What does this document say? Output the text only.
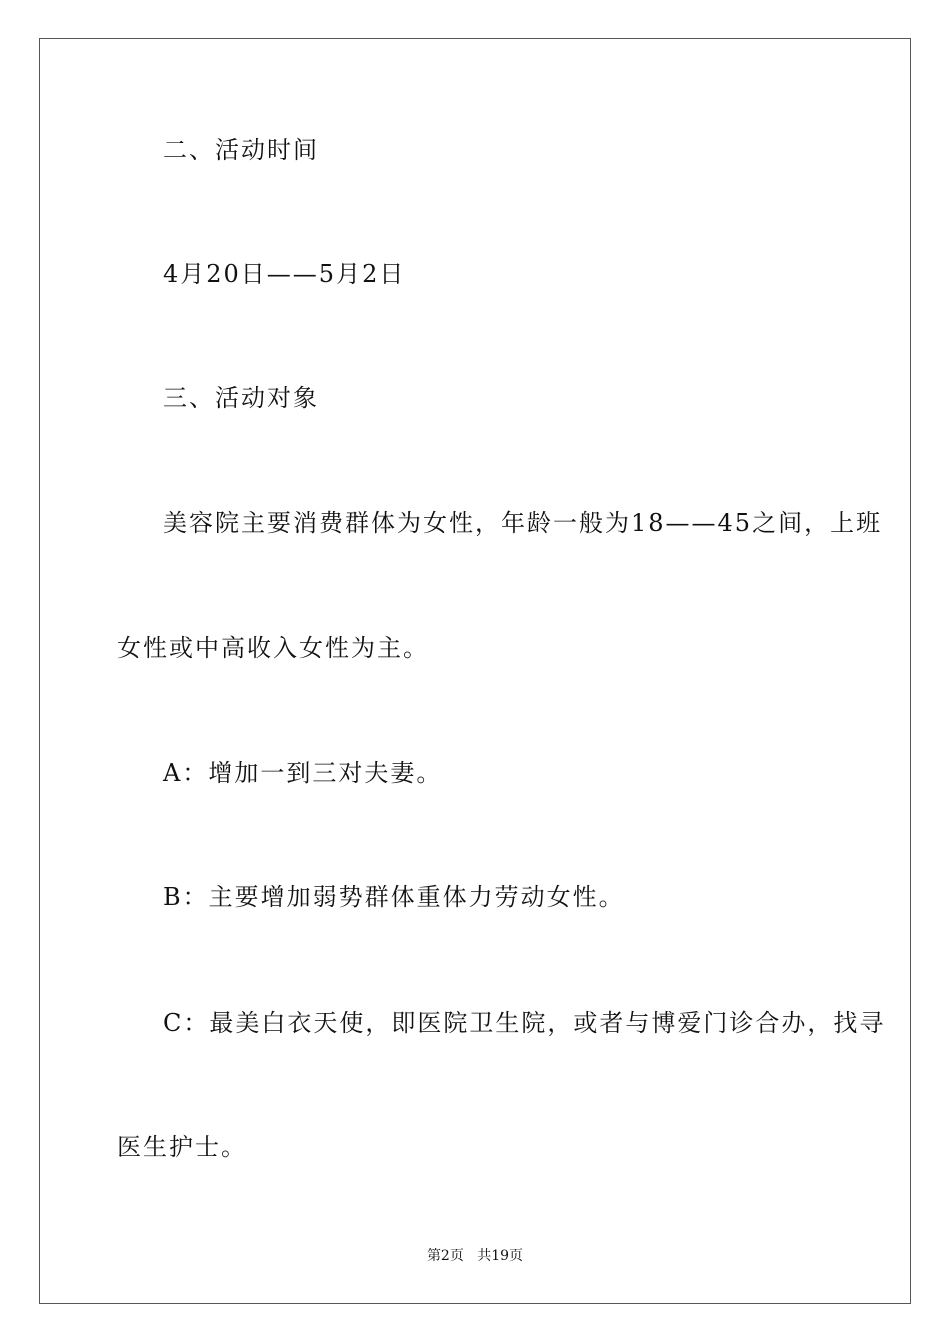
二、活动时间
4月20日——5月2日
三、活动对象
美容院主要消费群体为女性，年龄一般为18——45之间，上班
女性或中高收入女性为主。
A：增加一到三对夫妻。
B：主要增加弱势群体重体力劳动女性。
C：最美白衣天使，即医院卫生院，或者与博爱门诊合办，找寻
医生护士。
第2页 共19页
